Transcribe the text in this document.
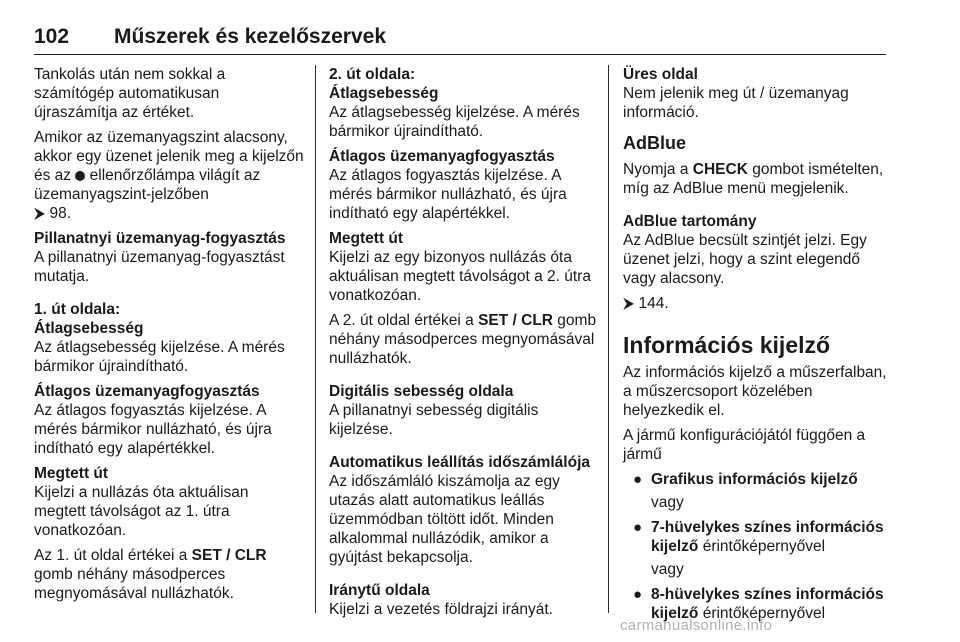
102 Műszerek és kezelőszervek

Tankolás után nem sokkal a számítógép automatikusan újraszámítja az értéket.

Amikor az üzemanyagszint alacsony, akkor egy üzenet jelenik meg a kijelzőn és az  ellenőrzőlámpa világít az üzemanyagszint-jelzőben
⮞ 98.

Pillanatnyi üzemanyag-fogyasztás

A pillanatnyi üzemanyag-fogyasztást mutatja.

1. út oldala:

Átlagsebesség

Az átlagsebesség kijelzése. A mérés bármikor újraindítható.

Átlagos üzemanyagfogyasztás

Az átlagos fogyasztás kijelzése. A mérés bármikor nullázható, és újra indítható egy alapértékkel.

Megtett út

Kijelzi a nullázás óta aktuálisan megtett távolságot az 1. útra vonatkozóan.

Az 1. út oldal értékei a SET / CLR gomb néhány másodperces megnyomásával nullázhatók.

2. út oldala:

Átlagsebesség

Az átlagsebesség kijelzése. A mérés bármikor újraindítható.

Átlagos üzemanyagfogyasztás

Az átlagos fogyasztás kijelzése. A mérés bármikor nullázható, és újra indítható egy alapértékkel.

Megtett út

Kijelzi az egy bizonyos nullázás óta aktuálisan megtett távolságot a 2. útra vonatkozóan.

A 2. út oldal értékei a SET / CLR gomb néhány másodperces megnyomásával nullázhatók.

Digitális sebesség oldala

A pillanatnyi sebesség digitális kijelzése.

Automatikus leállítás időszámlálója

Az időszámláló kiszámolja az egy utazás alatt automatikus leállás üzemmódban töltött időt. Minden alkalommal nullázódik, amikor a gyújtást bekapcsolja.

Iránytű oldala

Kijelzi a vezetés földrajzi irányát.

Üres oldal

Nem jelenik meg út / üzemanyag információ.

AdBlue

Nyomja a CHECK gombot ismételten, míg az AdBlue menü megjelenik.

AdBlue tartomány

Az AdBlue becsült szintjét jelzi. Egy üzenet jelzi, hogy a szint elegendő vagy alacsony.

⮞ 144.

Információs kijelző

Az információs kijelző a műszerfalban, a műszercsoport közelében helyezkedik el.

A jármű konfigurációjától függően a jármű

● Grafikus információs kijelző
vagy
● 7-hüvelykes színes információs kijelző érintőképernyővel
vagy
● 8-hüvelykes színes információs kijelző érintőképernyővel
carmanualsonline.info
